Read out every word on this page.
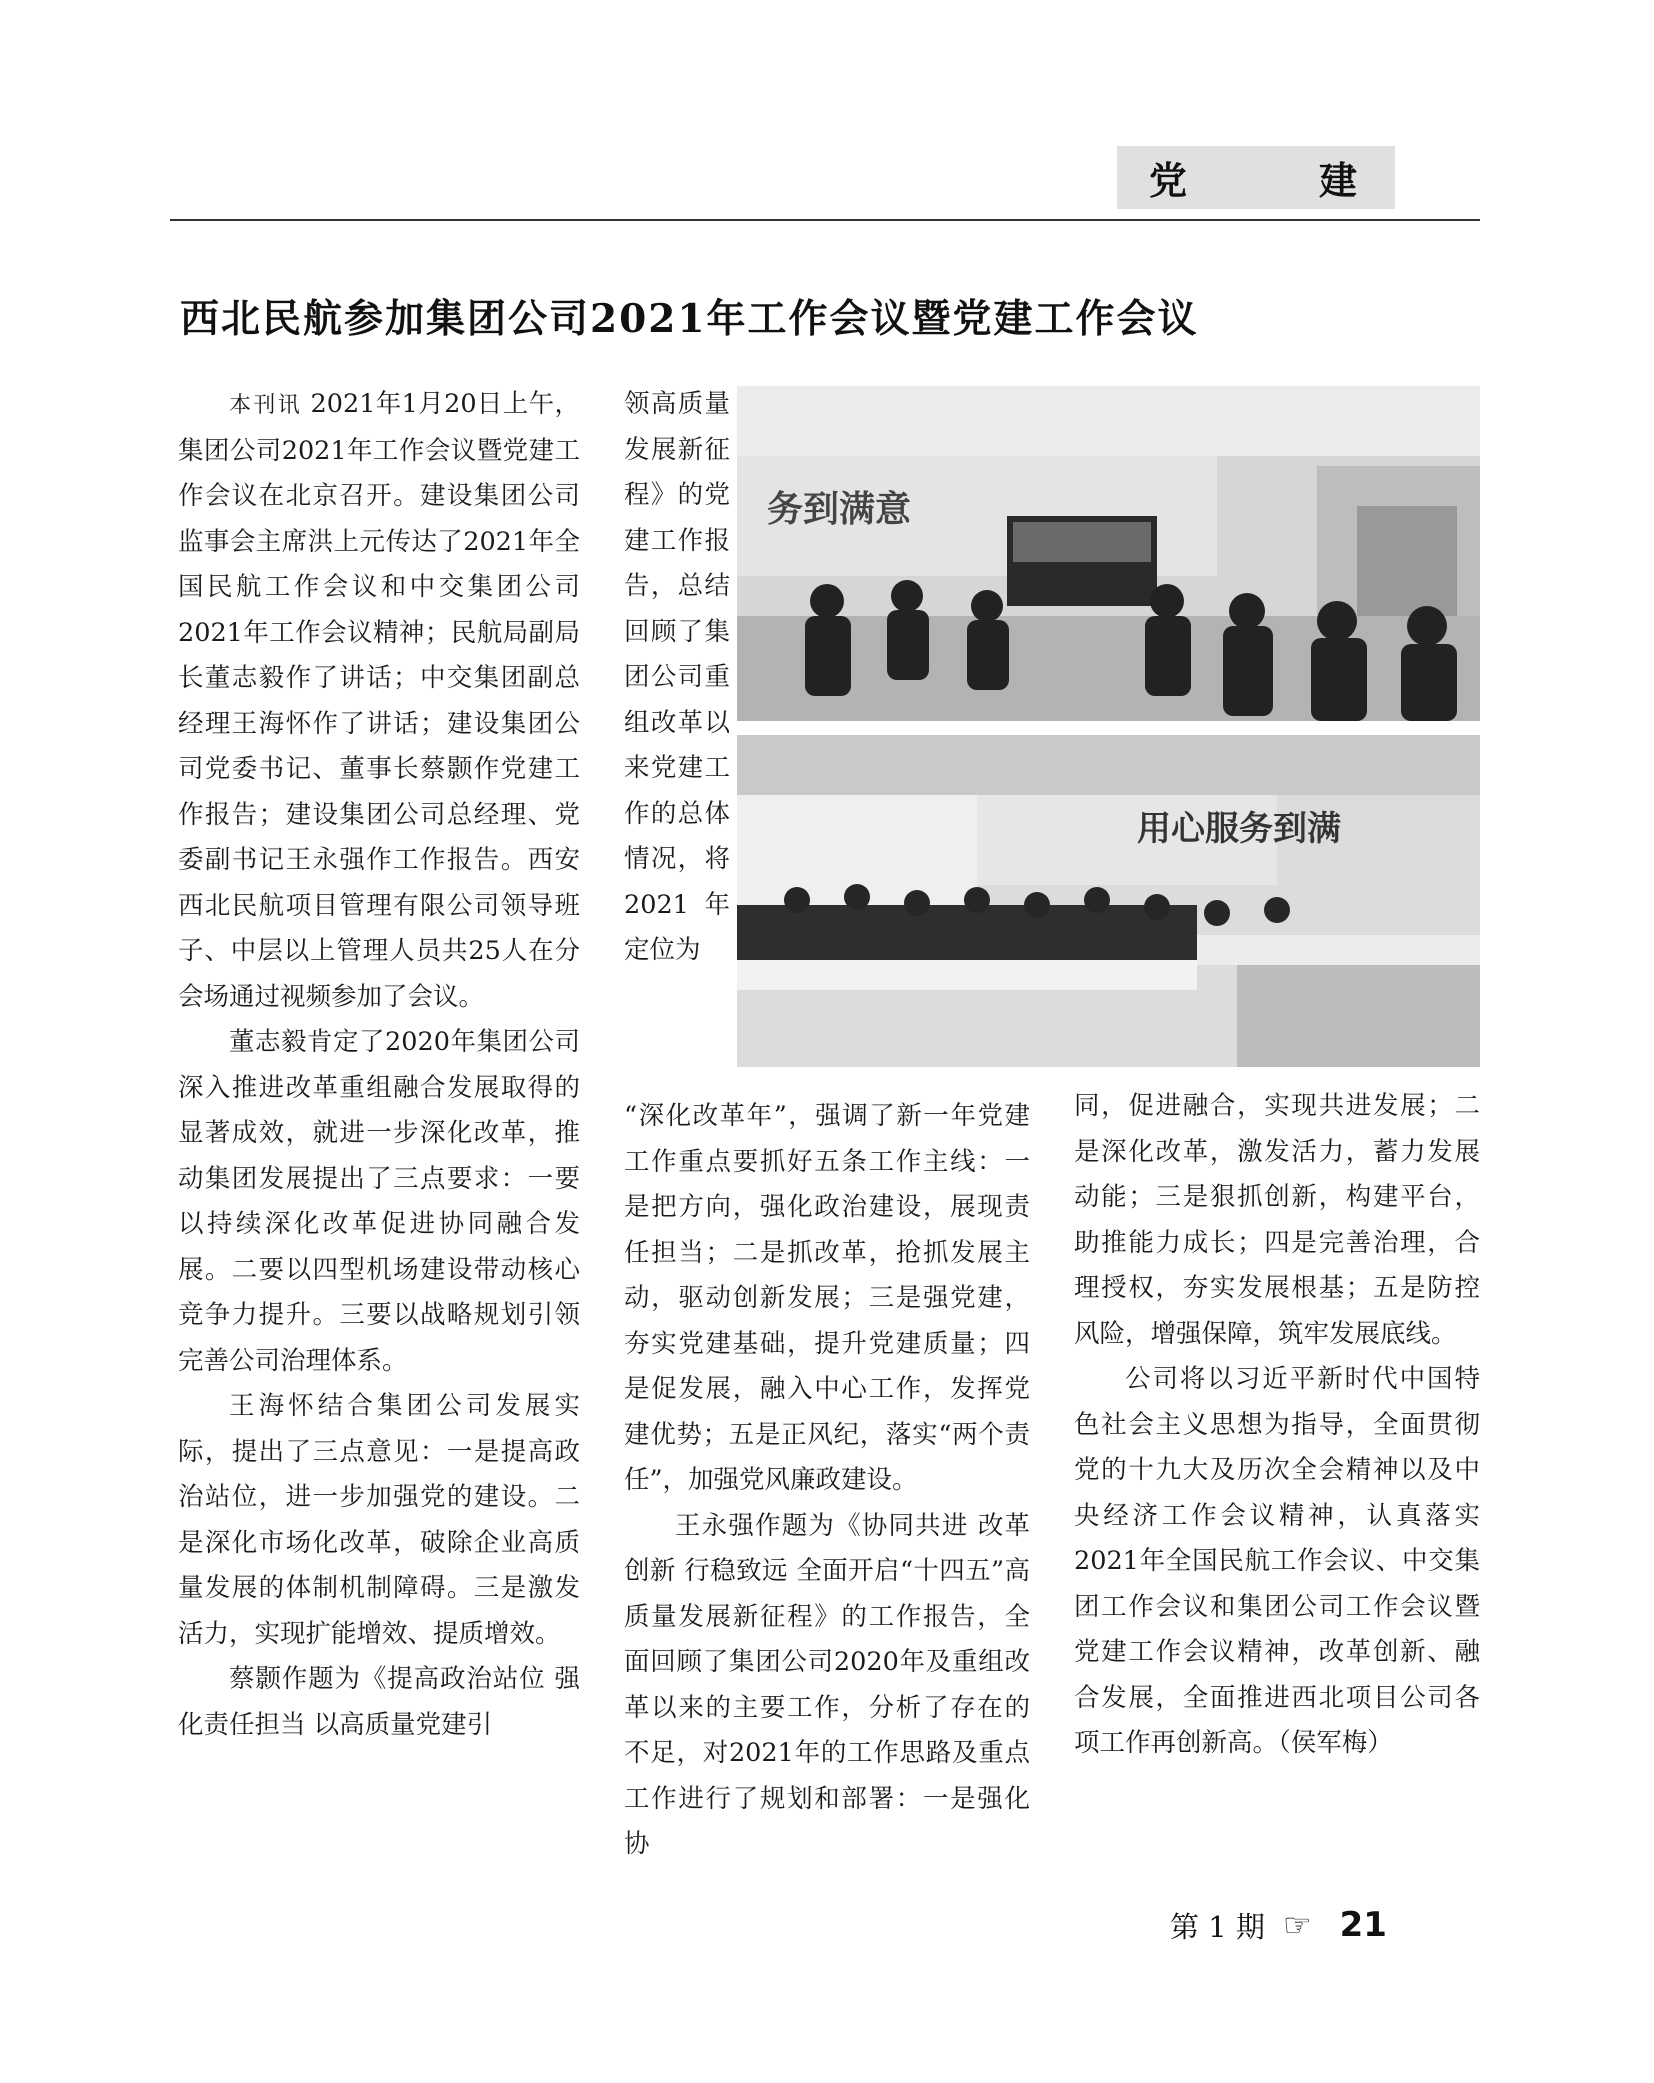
党	建
西北民航参加集团公司2021年工作会议暨党建工作会议

本刊讯 2021年1月20日上午，集团公司2021年工作会议暨党建工作会议在北京召开。建设集团公司监事会主席洪上元传达了2021年全国民航工作会议和中交集团公司2021年工作会议精神；民航局副局长董志毅作了讲话；中交集团副总经理王海怀作了讲话；建设集团公司党委书记、董事长蔡颢作党建工作报告；建设集团公司总经理、党委副书记王永强作工作报告。西安西北民航项目管理有限公司领导班子、中层以上管理人员共25人在分会场通过视频参加了会议。

董志毅肯定了2020年集团公司深入推进改革重组融合发展取得的显著成效，就进一步深化改革，推动集团发展提出了三点要求：一要以持续深化改革促进协同融合发展。二要以四型机场建设带动核心竞争力提升。三要以战略规划引领完善公司治理体系。

王海怀结合集团公司发展实际，提出了三点意见：一是提高政治站位，进一步加强党的建设。二是深化市场化改革，破除企业高质量发展的体制机制障碍。三是激发活力，实现扩能增效、提质增效。

蔡颢作题为《提高政治站位 强化责任担当 以高质量党建引

领高质量发展新征程》的党建工作报告，总结回顾了集团公司重组改革以来党建工作的总体情况，将2021年定位为

务到满意
用心服务到满

“深化改革年”，强调了新一年党建工作重点要抓好五条工作主线：一是把方向，强化政治建设，展现责任担当；二是抓改革，抢抓发展主动，驱动创新发展；三是强党建，夯实党建基础，提升党建质量；四是促发展，融入中心工作，发挥党建优势；五是正风纪，落实“两个责任”，加强党风廉政建设。

王永强作题为《协同共进 改革创新 行稳致远 全面开启“十四五”高质量发展新征程》的工作报告，全面回顾了集团公司2020年及重组改革以来的主要工作，分析了存在的不足，对2021年的工作思路及重点工作进行了规划和部署：一是强化协

同，促进融合，实现共进发展；二是深化改革，激发活力，蓄力发展动能；三是狠抓创新，构建平台，助推能力成长；四是完善治理，合理授权，夯实发展根基；五是防控风险，增强保障，筑牢发展底线。

公司将以习近平新时代中国特色社会主义思想为指导，全面贯彻党的十九大及历次全会精神以及中央经济工作会议精神，认真落实2021年全国民航工作会议、中交集团工作会议和集团公司工作会议暨党建工作会议精神，改革创新、融合发展，全面推进西北项目公司各项工作再创新高。（侯军梅）

第 1 期 ☞ 21
